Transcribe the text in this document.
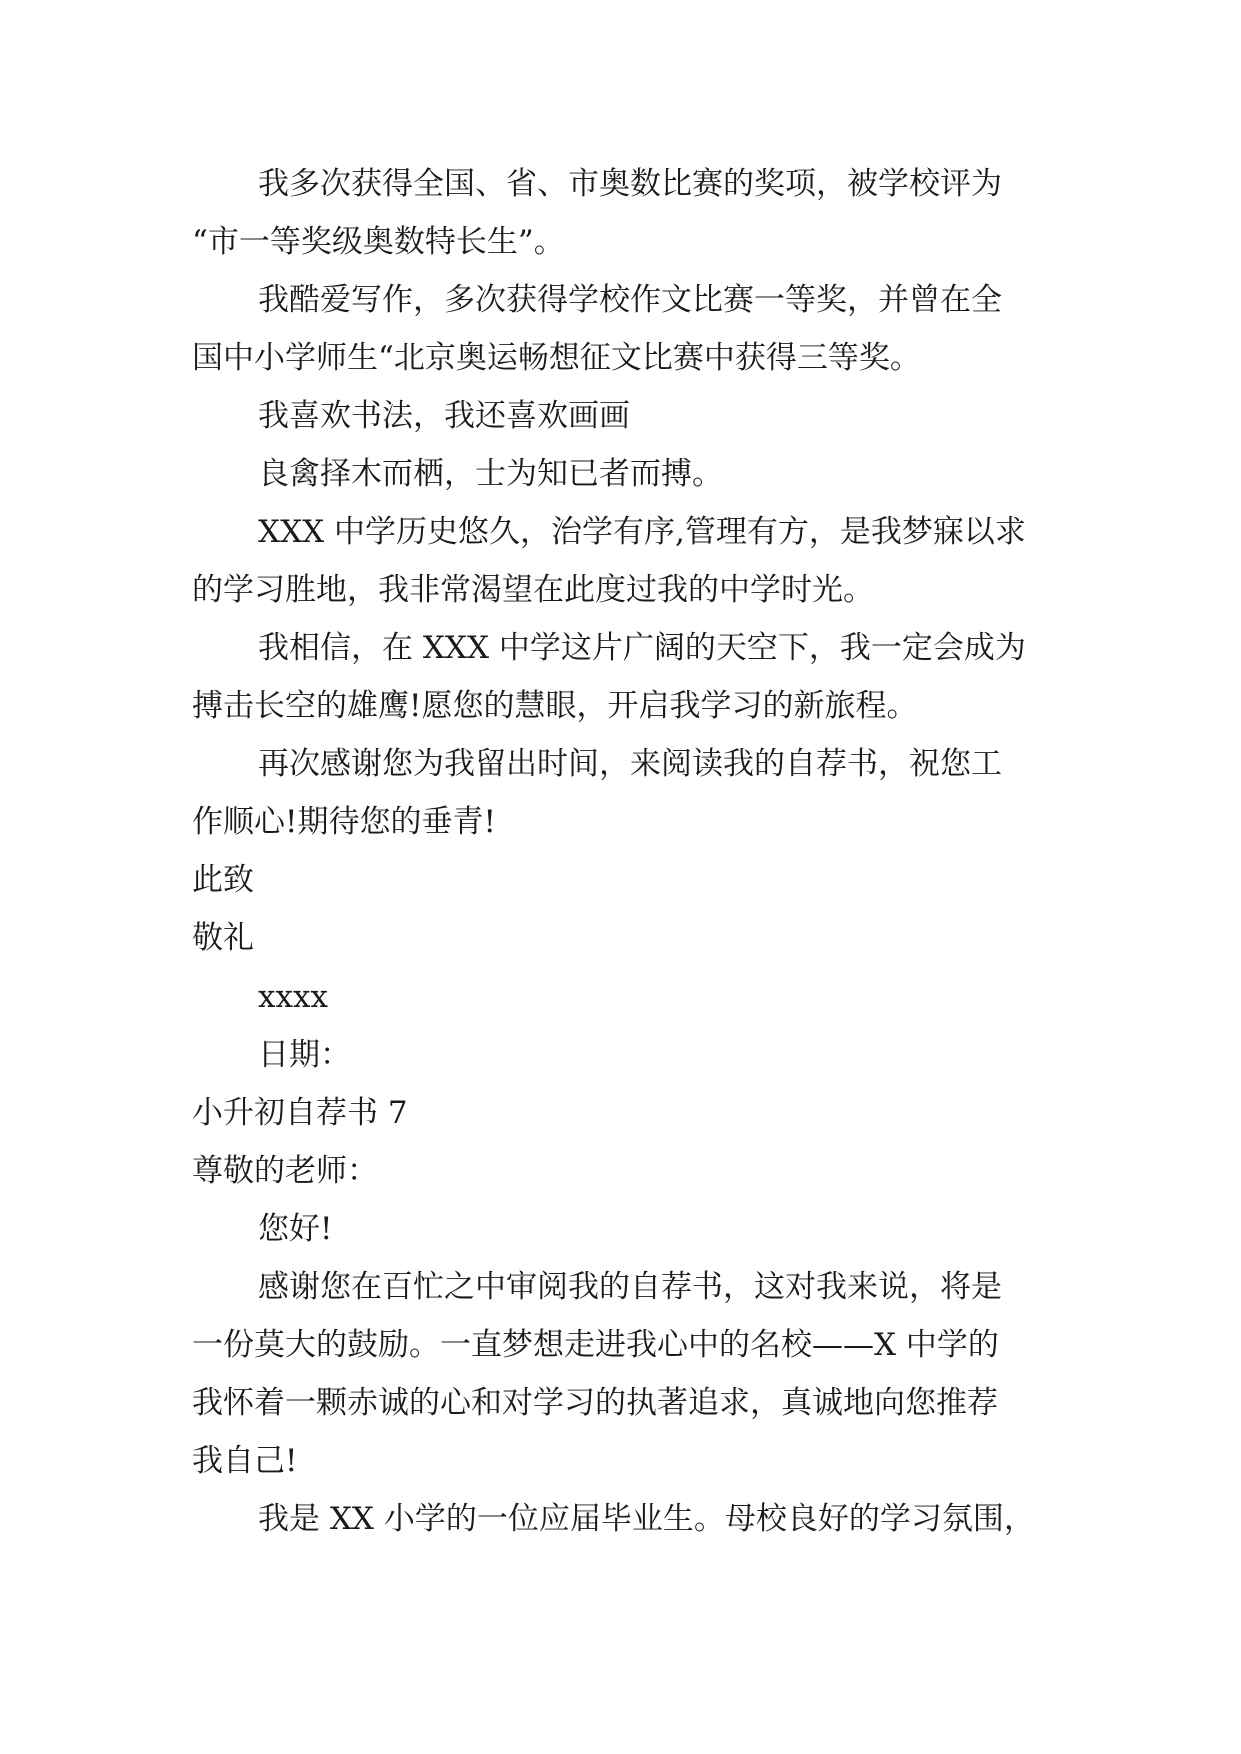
我多次获得全国、省、市奥数比赛的奖项，被学校评为
“市一等奖级奥数特长生”。
我酷爱写作，多次获得学校作文比赛一等奖，并曾在全
国中小学师生“北京奥运畅想征文比赛中获得三等奖。
我喜欢书法，我还喜欢画画
良禽择木而栖，士为知已者而搏。
XXX 中学历史悠久，治学有序,管理有方，是我梦寐以求
的学习胜地，我非常渴望在此度过我的中学时光。
我相信，在 XXX 中学这片广阔的天空下，我一定会成为
搏击长空的雄鹰!愿您的慧眼，开启我学习的新旅程。
再次感谢您为我留出时间，来阅读我的自荐书，祝您工
作顺心!期待您的垂青!
此致
敬礼
xxxx
日期：
小升初自荐书 7
尊敬的老师：
您好!
感谢您在百忙之中审阅我的自荐书，这对我来说，将是
一份莫大的鼓励。一直梦想走进我心中的名校——X 中学的
我怀着一颗赤诚的心和对学习的执著追求，真诚地向您推荐
我自己!
我是 XX 小学的一位应届毕业生。母校良好的学习氛围，
